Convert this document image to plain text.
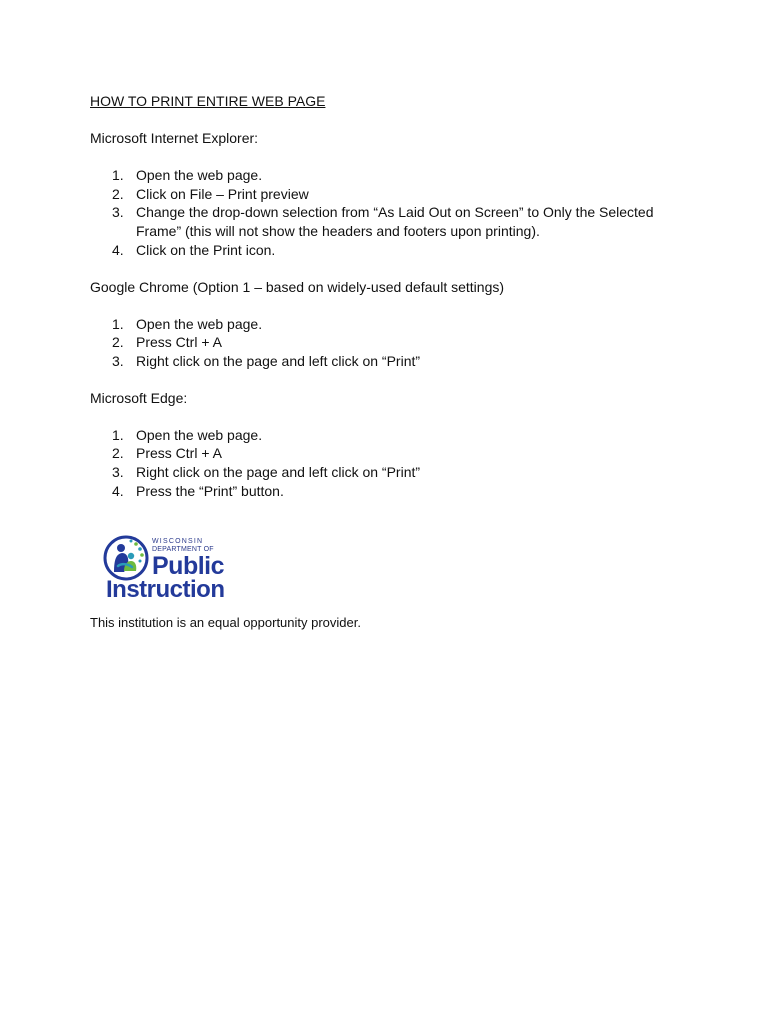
HOW TO PRINT ENTIRE WEB PAGE

Microsoft Internet Explorer:

1. Open the web page.
2. Click on File – Print preview
3. Change the drop-down selection from “As Laid Out on Screen” to Only the Selected Frame” (this will not show the headers and footers upon printing).
4. Click on the Print icon.

Google Chrome (Option 1 – based on widely-used default settings)

1. Open the web page.
2. Press Ctrl + A
3. Right click on the page and left click on “Print”

Microsoft Edge:

1. Open the web page.
2. Press Ctrl + A
3. Right click on the page and left click on “Print”
4. Press the “Print” button.
WISCONSIN
DEPARTMENT OF
Public
Instruction
This institution is an equal opportunity provider.
